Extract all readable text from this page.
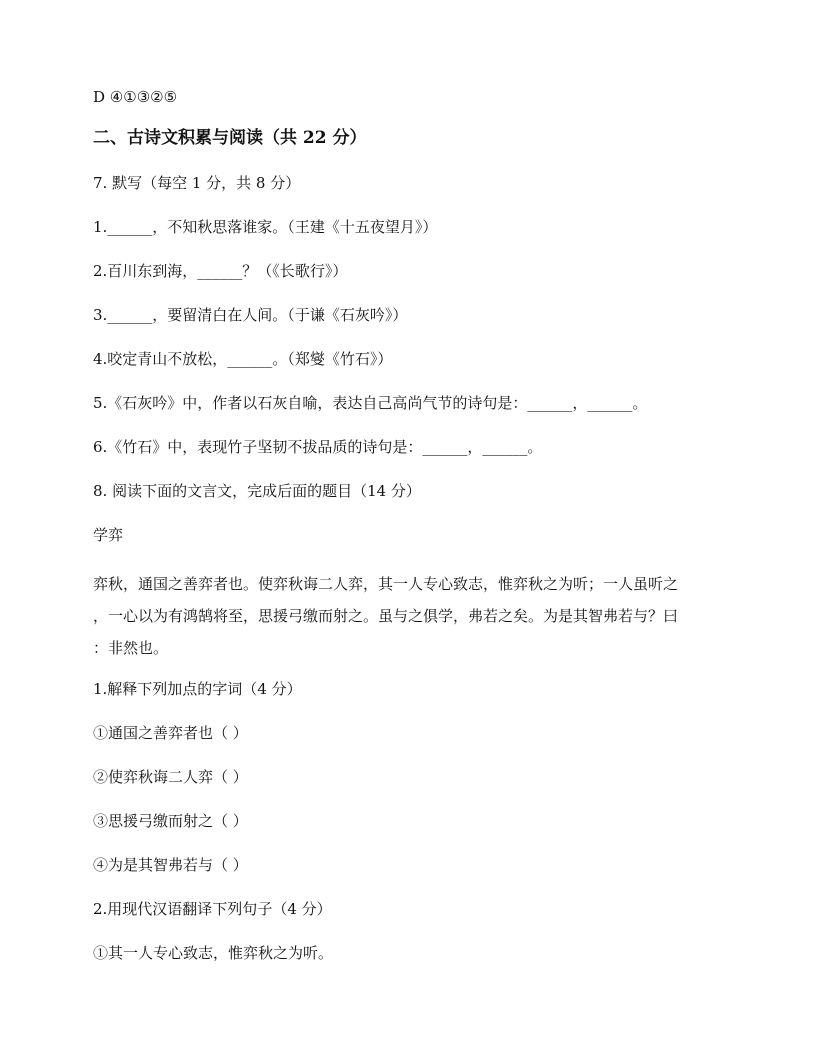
D ④①③②⑤

二、古诗文积累与阅读（共 22 分）

7. 默写（每空 1 分，共 8 分）

1.______，不知秋思落谁家。（王建《十五夜望月》）

2.百川东到海，______？（《长歌行》）

3.______，要留清白在人间。（于谦《石灰吟》）

4.咬定青山不放松，______。（郑燮《竹石》）

5.《石灰吟》中，作者以石灰自喻，表达自己高尚气节的诗句是：______，______。

6.《竹石》中，表现竹子坚韧不拔品质的诗句是：______，______。

8. 阅读下面的文言文，完成后面的题目（14 分）

学弈

弈秋，通国之善弈者也。使弈秋诲二人弈，其一人专心致志，惟弈秋之为听；一人虽听之
，一心以为有鸿鹄将至，思援弓缴而射之。虽与之俱学，弗若之矣。为是其智弗若与？曰
：非然也。

1.解释下列加点的字词（4 分）

①通国之善弈者也（ ）

②使弈秋诲二人弈（ ）

③思援弓缴而射之（ ）

④为是其智弗若与（ ）

2.用现代汉语翻译下列句子（4 分）

①其一人专心致志，惟弈秋之为听。
